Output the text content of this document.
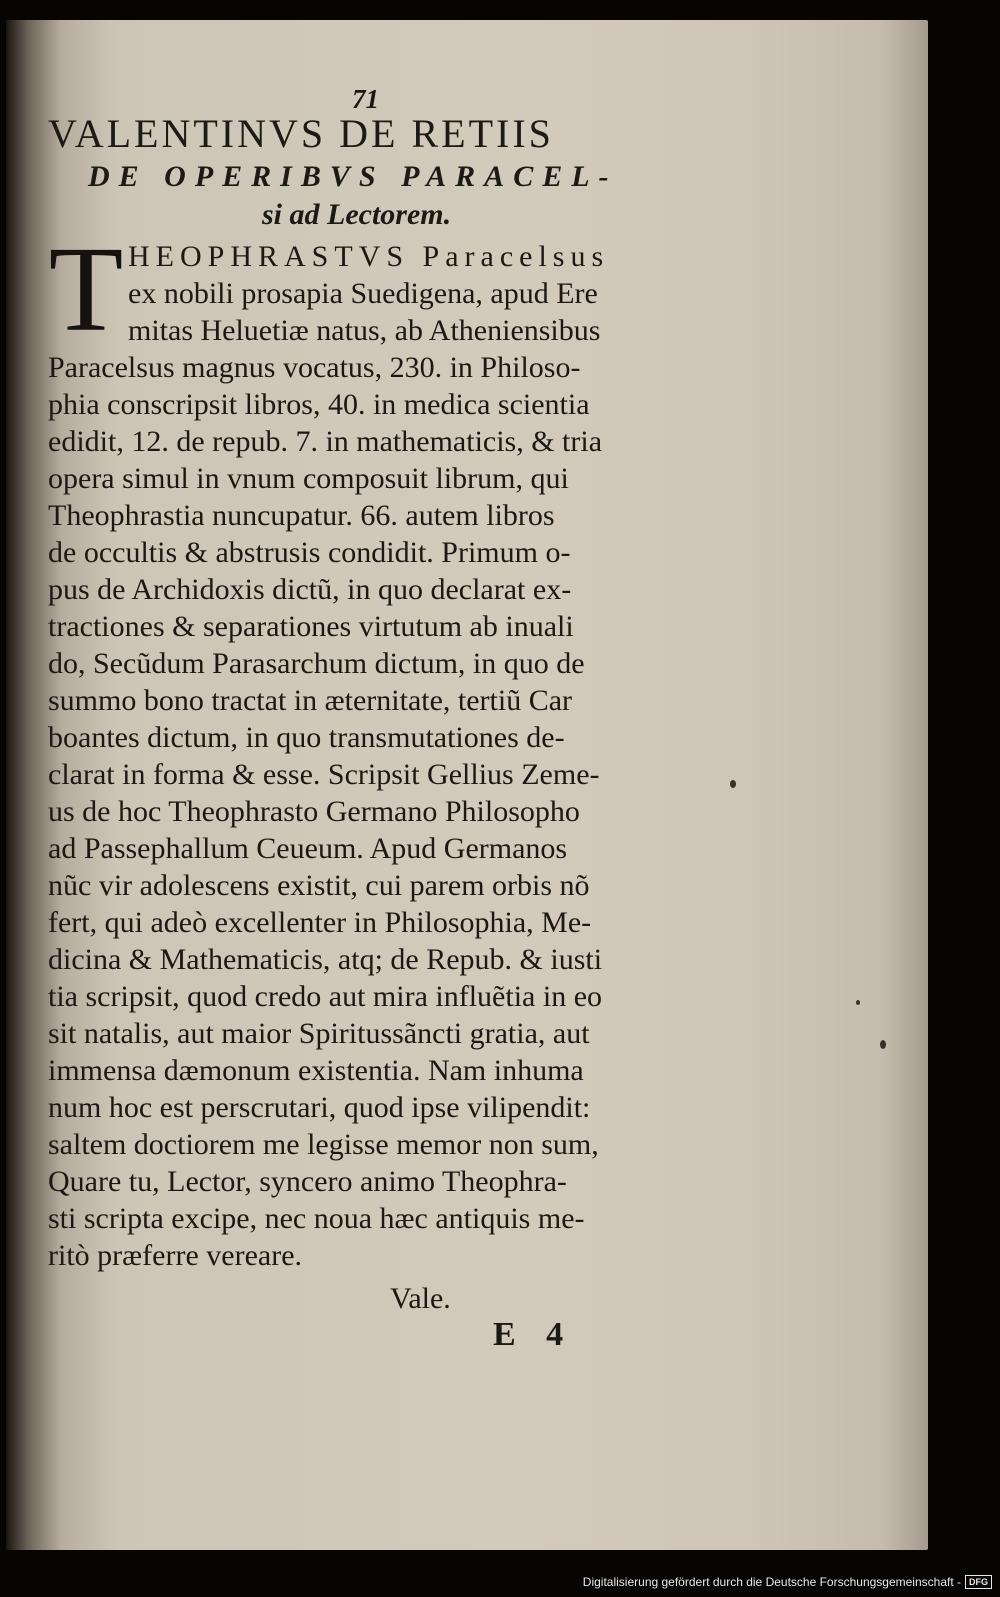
71
VALENTINVS DE RETIIS
DE OPERIBVS PARACEL-
si ad Lectorem.
T HEOPHRASTVS Paracelsus
ex nobili prosapia Suedigena, apud Ere
mitas Heluetiæ natus, ab Atheniensibus
Paracelsus magnus vocatus, 230. in Philoso-
phia conscripsit libros, 40. in medica scientia
edidit, 12. de repub. 7. in mathematicis, & tria
opera simul in vnum composuit librum, qui
Theophrastia nuncupatur. 66. autem libros
de occultis & abstrusis condidit. Primum o-
pus de Archidoxis dictũ, in quo declarat ex-
tractiones & separationes virtutum ab inuali
do, Secũdum Parasarchum dictum, in quo de
summo bono tractat in æternitate, tertiũ Car
boantes dictum, in quo transmutationes de-
clarat in forma & esse. Scripsit Gellius Zeme-
us de hoc Theophrasto Germano Philosopho
ad Passephallum Ceueum. Apud Germanos
nũc vir adolescens existit, cui parem orbis nõ
fert, qui adeò excellenter in Philosophia, Me-
dicina & Mathematicis, atq; de Repub. & iusti
tia scripsit, quod credo aut mira influẽtia in eo
sit natalis, aut maior Spiritussãncti gratia, aut
immensa dæmonum existentia. Nam inhuma
num hoc est perscrutari, quod ipse vilipendit:
saltem doctiorem me legisse memor non sum,
Quare tu, Lector, syncero animo Theophra-
sti scripta excipe, nec noua hæc antiquis me-
ritò præferre vereare.
Vale.
E 4
Digitalisierung gefördert durch die Deutsche Forschungsgemeinschaft - DFG
